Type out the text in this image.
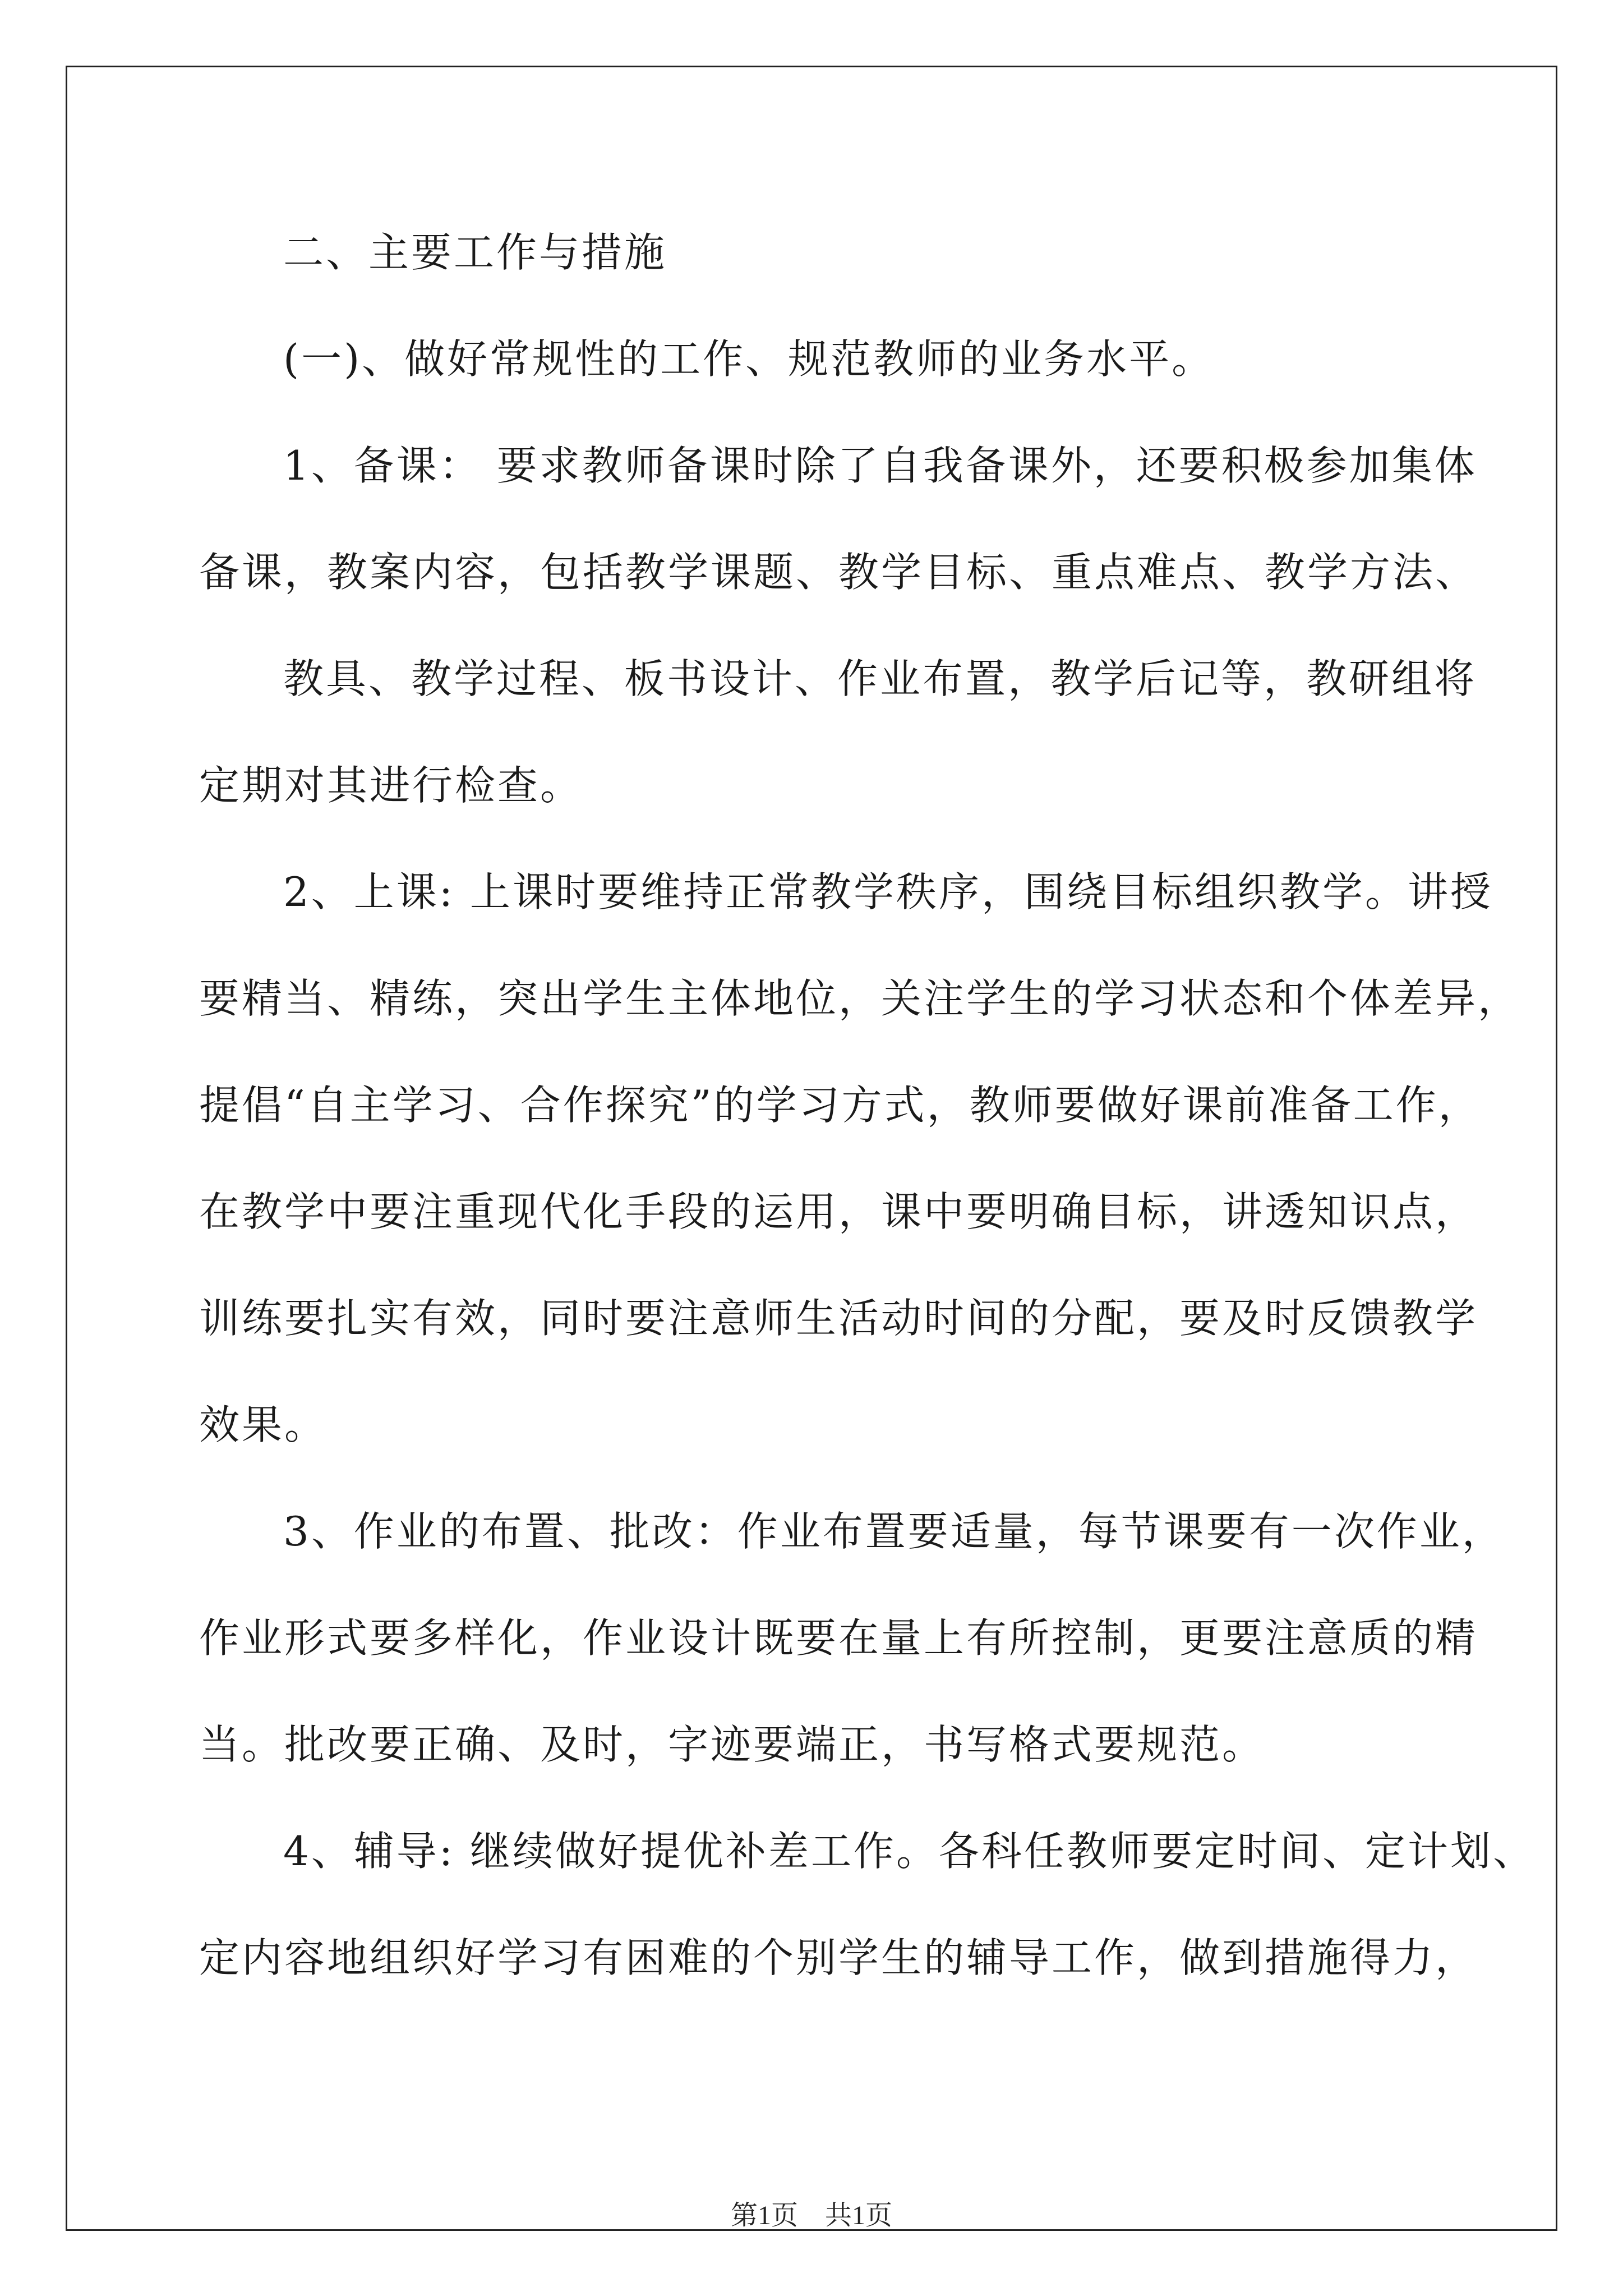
二、主要工作与措施

(一)、做好常规性的工作、规范教师的业务水平。

1、备课： 要求教师备课时除了自我备课外，还要积极参加集体

备课，教案内容，包括教学课题、教学目标、重点难点、教学方法、

教具、教学过程、板书设计、作业布置，教学后记等，教研组将

定期对其进行检查。

2、上课: 上课时要维持正常教学秩序，围绕目标组织教学。讲授

要精当、精练，突出学生主体地位，关注学生的学习状态和个体差异，

提倡“自主学习、合作探究”的学习方式，教师要做好课前准备工作，

在教学中要注重现代化手段的运用，课中要明确目标，讲透知识点，

训练要扎实有效，同时要注意师生活动时间的分配，要及时反馈教学

效果。

3、作业的布置、批改：作业布置要适量，每节课要有一次作业，

作业形式要多样化，作业设计既要在量上有所控制，更要注意质的精

当。批改要正确、及时，字迹要端正，书写格式要规范。

4、辅导: 继续做好提优补差工作。各科任教师要定时间、定计划、

定内容地组织好学习有困难的个别学生的辅导工作，做到措施得力，

第1页 共1页
